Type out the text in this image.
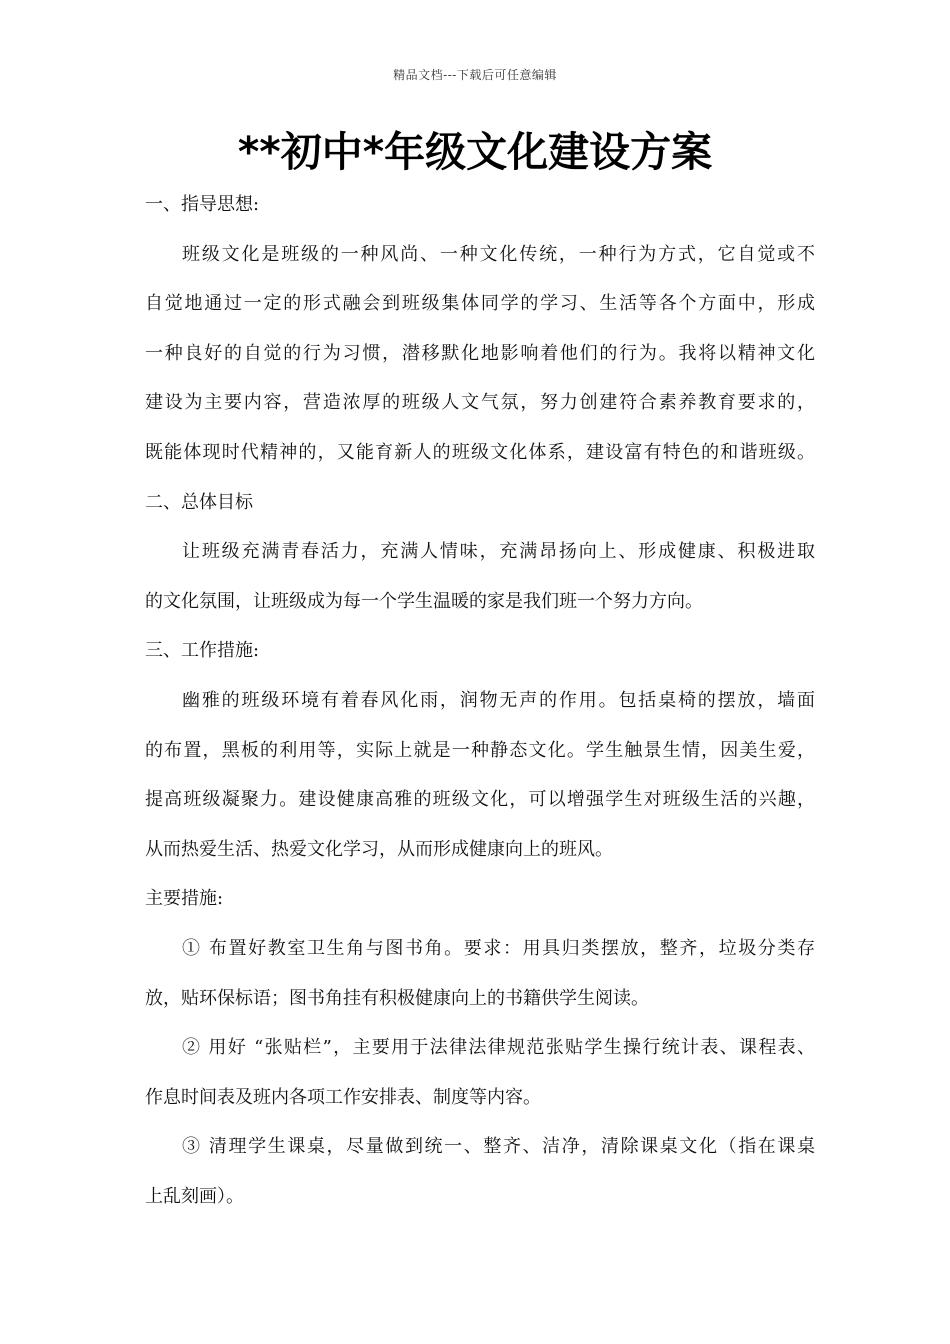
精品文档---下载后可任意编辑
**初中*年级文化建设方案
一、指导思想:
班级文化是班级的一种风尚、一种文化传统，一种行为方式，它自觉或不
自觉地通过一定的形式融会到班级集体同学的学习、生活等各个方面中，形成
一种良好的自觉的行为习惯，潜移默化地影响着他们的行为。我将以精神文化
建设为主要内容，营造浓厚的班级人文气氛，努力创建符合素养教育要求的，
既能体现时代精神的，又能育新人的班级文化体系，建设富有特色的和谐班级。
二、总体目标
让班级充满青春活力，充满人情味，充满昂扬向上、形成健康、积极进取
的文化氛围，让班级成为每一个学生温暖的家是我们班一个努力方向。
三、工作措施:
幽雅的班级环境有着春风化雨，润物无声的作用。包括桌椅的摆放，墙面
的布置，黑板的利用等，实际上就是一种静态文化。学生触景生情，因美生爱，
提高班级凝聚力。建设健康高雅的班级文化，可以增强学生对班级生活的兴趣，
从而热爱生活、热爱文化学习，从而形成健康向上的班风。
主要措施:
① 布置好教室卫生角与图书角。要求：用具归类摆放，整齐，垃圾分类存
放，贴环保标语；图书角挂有积极健康向上的书籍供学生阅读。
② 用好 “张贴栏”，主要用于法律法律规范张贴学生操行统计表、课程表、
作息时间表及班内各项工作安排表、制度等内容。
③ 清理学生课桌，尽量做到统一、整齐、洁净，清除课桌文化（指在课桌
上乱刻画）。
